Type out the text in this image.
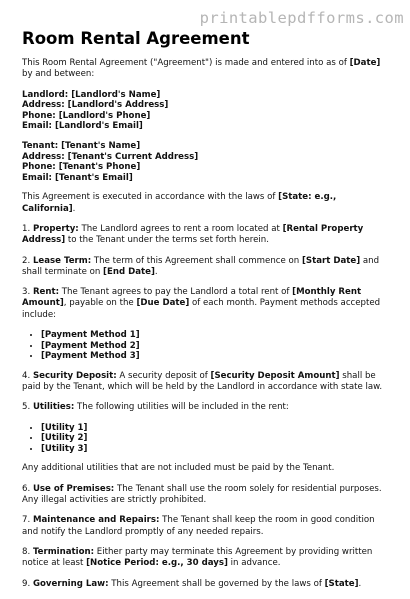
printablepdfforms.com
Room Rental Agreement

This Room Rental Agreement ("Agreement") is made and entered into as of [Date] by and between:

Landlord: [Landlord's Name]
Address: [Landlord's Address]
Phone: [Landlord's Phone]
Email: [Landlord's Email]
Tenant: [Tenant's Name]
Address: [Tenant's Current Address]
Phone: [Tenant's Phone]
Email: [Tenant's Email]

This Agreement is executed in accordance with the laws of [State: e.g., California].

1. Property: The Landlord agrees to rent a room located at [Rental Property Address] to the Tenant under the terms set forth herein.

2. Lease Term: The term of this Agreement shall commence on [Start Date] and shall terminate on [End Date].

3. Rent: The Tenant agrees to pay the Landlord a total rent of [Monthly Rent Amount], payable on the [Due Date] of each month. Payment methods accepted include:

• [Payment Method 1]
• [Payment Method 2]
• [Payment Method 3]

4. Security Deposit: A security deposit of [Security Deposit Amount] shall be paid by the Tenant, which will be held by the Landlord in accordance with state law.

5. Utilities: The following utilities will be included in the rent:

• [Utility 1]
• [Utility 2]
• [Utility 3]

Any additional utilities that are not included must be paid by the Tenant.

6. Use of Premises: The Tenant shall use the room solely for residential purposes. Any illegal activities are strictly prohibited.

7. Maintenance and Repairs: The Tenant shall keep the room in good condition and notify the Landlord promptly of any needed repairs.

8. Termination: Either party may terminate this Agreement by providing written notice at least [Notice Period: e.g., 30 days] in advance.

9. Governing Law: This Agreement shall be governed by the laws of [State].
